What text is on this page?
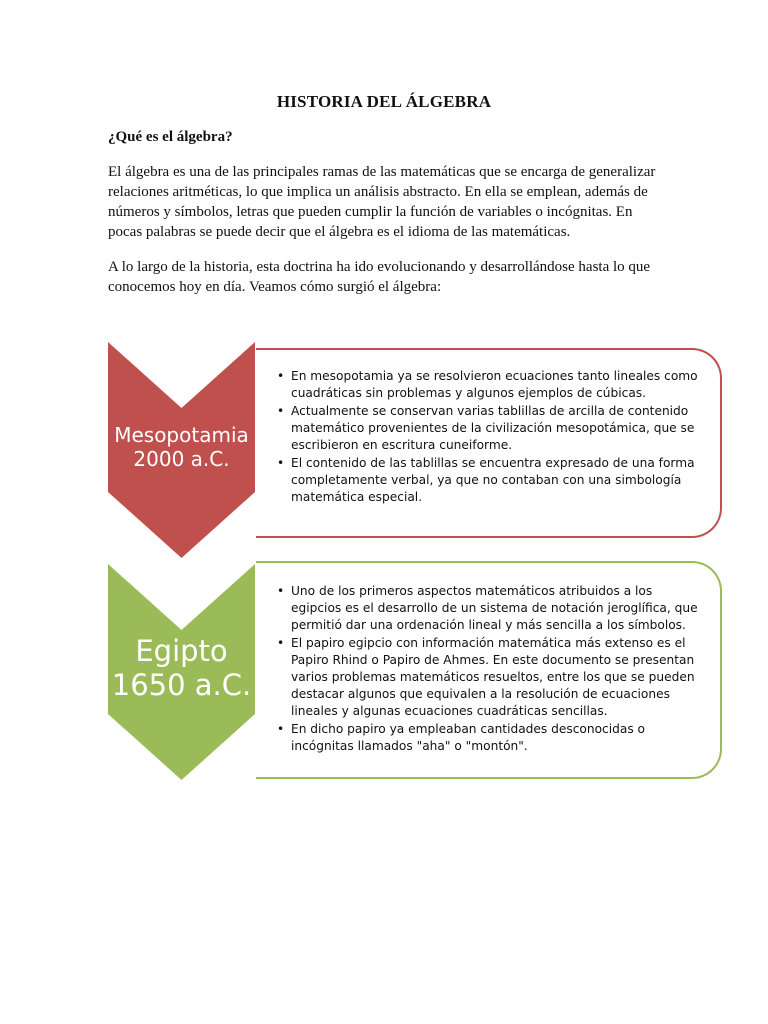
HISTORIA DEL ÁLGEBRA
¿Qué es el álgebra?
El álgebra es una de las principales ramas de las matemáticas que se encarga de generalizar relaciones aritméticas, lo que implica un análisis abstracto. En ella se emplean, además de números y símbolos, letras que pueden cumplir la función de variables o incógnitas. En pocas palabras se puede decir que el álgebra es el idioma de las matemáticas.
A lo largo de la historia, esta doctrina ha ido evolucionando y desarrollándose hasta lo que conocemos hoy en día. Veamos cómo surgió el álgebra:
• En mesopotamia ya se resolvieron ecuaciones tanto lineales como cuadráticas sin problemas y algunos ejemplos de cúbicas.
• Actualmente se conservan varias tablillas de arcilla de contenido matemático provenientes de la civilización mesopotámica, que se escribieron en escritura cuneiforme.
• El contenido de las tablillas se encuentra expresado de una forma completamente verbal, ya que no contaban con una simbología matemática especial.
Mesopotamia
2000 a.C.
• Uno de los primeros aspectos matemáticos atribuidos a los egipcios es el desarrollo de un sistema de notación jeroglífica, que permitió dar una ordenación lineal y más sencilla a los símbolos.
• El papiro egipcio con información matemática más extenso es el Papiro Rhind o Papiro de Ahmes. En este documento se presentan varios problemas matemáticos resueltos, entre los que se pueden destacar algunos que equivalen a la resolución de ecuaciones lineales y algunas ecuaciones cuadráticas sencillas.
• En dicho papiro ya empleaban cantidades desconocidas o incógnitas llamados "aha" o "montón".
Egipto
1650 a.C.
